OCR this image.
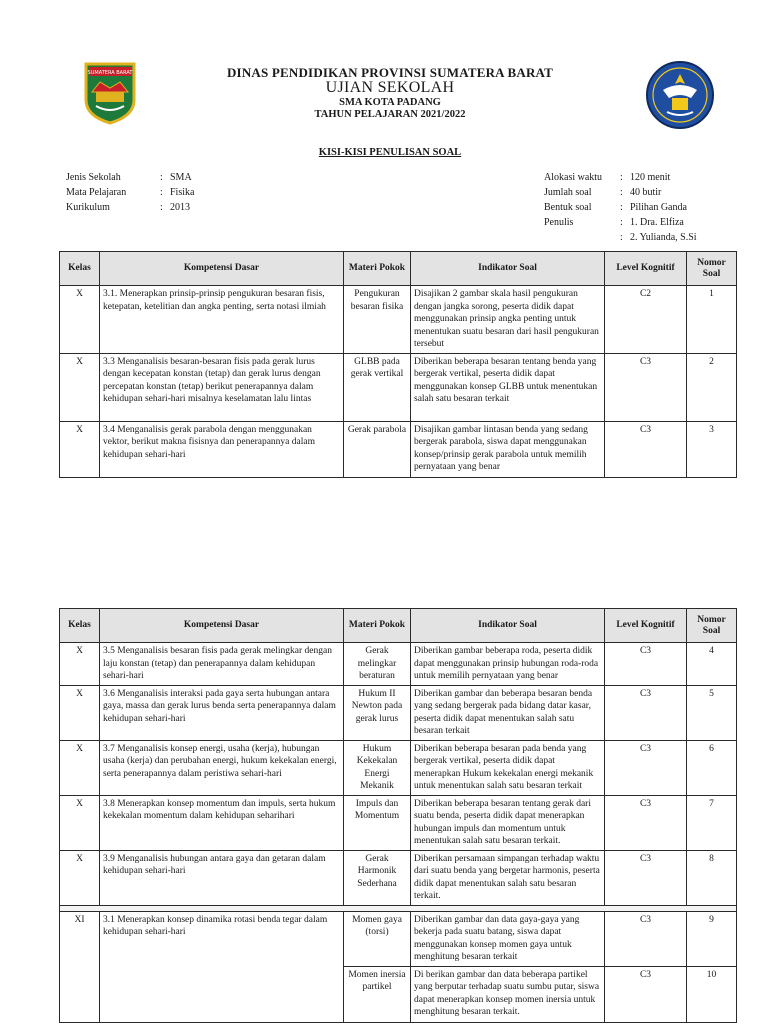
SUMATERA BARAT	DINAS PENDIDIKAN PROVINSI SUMATERA BARAT
UJIAN SEKOLAH
SMA KOTA PADANG
TAHUN PELAJARAN 2021/2022
KISI-KISI PENULISAN SOAL
Jenis Sekolah	: SMA
Mata Pelajaran	: Fisika
Kurikulum	: 2013
Alokasi waktu	: 120 menit
Jumlah soal	: 40 butir
Bentuk soal	: Pilihan Ganda
Penulis	: 1. Dra. Elfiza
: 2. Yulianda, S.Si
Kelas	Kompetensi Dasar	Materi Pokok	Indikator Soal	Level Kognitif	Nomor Soal
X	3.1. Menerapkan prinsip-prinsip pengukuran besaran fisis, ketepatan, ketelitian dan angka penting, serta notasi ilmiah	Pengukuran besaran fisika	Disajikan 2 gambar skala hasil pengukuran dengan jangka sorong, peserta didik dapat menggunakan prinsip angka penting untuk menentukan suatu besaran dari hasil pengukuran tersebut	C2	1
X	3.3 Menganalisis besaran-besaran fisis pada gerak lurus dengan kecepatan konstan (tetap) dan gerak lurus dengan percepatan konstan (tetap) berikut penerapannya dalam kehidupan sehari-hari misalnya keselamatan lalu lintas	GLBB pada gerak vertikal	Diberikan beberapa besaran tentang benda yang bergerak vertikal, peserta didik dapat menggunakan konsep GLBB untuk menentukan salah satu besaran terkait	C3	2
X	3.4 Menganalisis gerak parabola dengan menggunakan vektor, berikut makna fisisnya dan penerapannya dalam kehidupan sehari-hari	Gerak parabola	Disajikan gambar lintasan benda yang sedang bergerak parabola, siswa dapat menggunakan konsep/prinsip gerak parabola untuk memilih pernyataan yang benar	C3	3
Kelas	Kompetensi Dasar	Materi Pokok	Indikator Soal	Level Kognitif	Nomor Soal
X	3.5 Menganalisis besaran fisis pada gerak melingkar dengan laju konstan (tetap) dan penerapannya dalam kehidupan sehari-hari	Gerak melingkar beraturan	Diberikan gambar beberapa roda, peserta didik dapat menggunakan prinsip hubungan roda-roda untuk memilih pernyataan yang benar	C3	4
X	3.6 Menganalisis interaksi pada gaya serta hubungan antara gaya, massa dan gerak lurus benda serta penerapannya dalam kehidupan sehari-hari	Hukum II Newton pada gerak lurus	Diberikan gambar dan beberapa besaran benda yang sedang bergerak pada bidang datar kasar, peserta didik dapat menentukan salah satu besaran terkait	C3	5
X	3.7 Menganalisis konsep energi, usaha (kerja), hubungan usaha (kerja) dan perubahan energi, hukum kekekalan energi, serta penerapannya dalam peristiwa sehari-hari	Hukum Kekekalan Energi Mekanik	Diberikan beberapa besaran pada benda yang bergerak vertikal, peserta didik dapat menerapkan Hukum kekekalan energi mekanik untuk menentukan salah satu besaran terkait	C3	6
X	3.8 Menerapkan konsep momentum dan impuls, serta hukum kekekalan momentum dalam kehidupan seharihari	Impuls dan Momentum	Diberikan beberapa besaran tentang gerak dari suatu benda, peserta didik dapat menerapkan hubungan impuls dan momentum untuk menentukan salah satu besaran terkait.	C3	7
X	3.9 Menganalisis hubungan antara gaya dan getaran dalam kehidupan sehari-hari	Gerak Harmonik Sederhana	Diberikan persamaan simpangan terhadap waktu dari suatu benda yang bergetar harmonis, peserta didik dapat menentukan salah satu besaran terkait.	C3	8

XI	3.1 Menerapkan konsep dinamika rotasi benda tegar dalam kehidupan sehari-hari	Momen gaya (torsi)	Diberikan gambar dan data gaya-gaya yang bekerja pada suatu batang, siswa dapat menggunakan konsep momen gaya untuk menghitung besaran terkait	C3	9
		Momen inersia partikel	Di berikan gambar dan data beberapa partikel yang berputar terhadap suatu sumbu putar, siswa dapat menerapkan konsep momen inersia untuk menghitung besaran terkait.	C3	10
